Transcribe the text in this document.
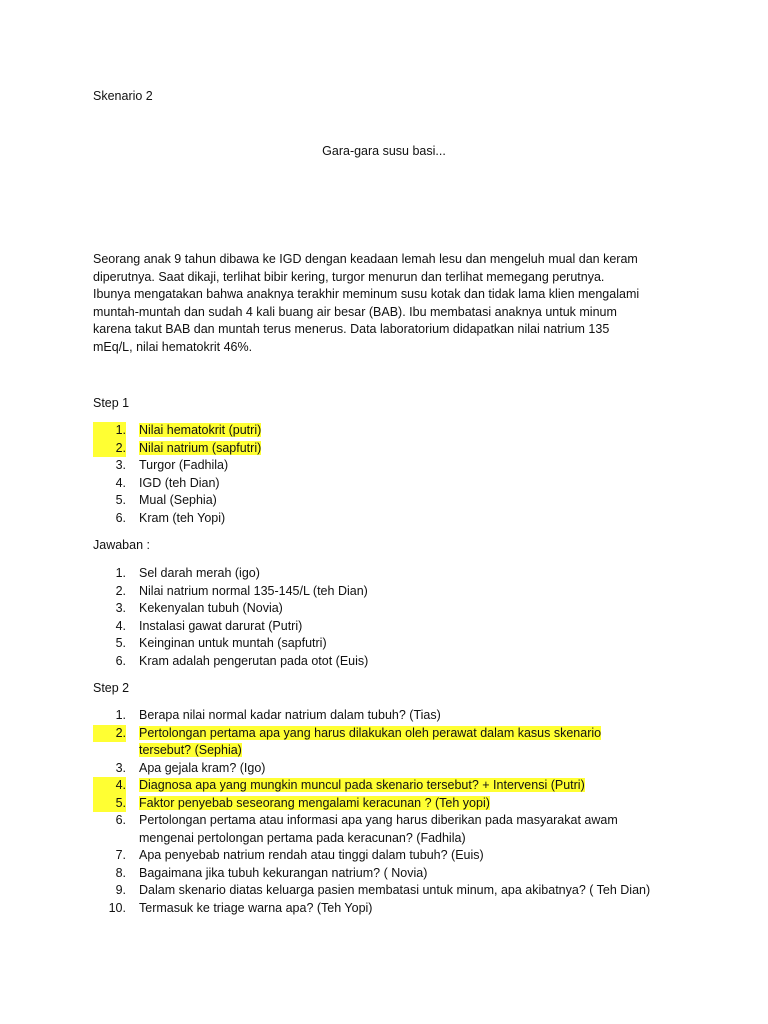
Skenario 2
Gara-gara susu basi...
Seorang anak 9 tahun dibawa ke IGD dengan keadaan lemah lesu dan mengeluh mual dan keram
diperutnya. Saat dikaji, terlihat bibir kering, turgor menurun dan terlihat memegang perutnya.
Ibunya mengatakan bahwa anaknya terakhir meminum susu kotak dan tidak lama klien mengalami
muntah-muntah dan sudah 4 kali buang air besar (BAB). Ibu membatasi anaknya untuk minum
karena takut BAB dan muntah terus menerus. Data laboratorium didapatkan nilai natrium 135
mEq/L, nilai hematokrit 46%.
Step 1
1. Nilai hematokrit (putri)
2. Nilai natrium (sapfutri)
3. Turgor (Fadhila)
4. IGD (teh Dian)
5. Mual (Sephia)
6. Kram (teh Yopi)
Jawaban :
1. Sel darah merah (igo)
2. Nilai natrium normal 135-145/L (teh Dian)
3. Kekenyalan tubuh (Novia)
4. Instalasi gawat darurat (Putri)
5. Keinginan untuk muntah (sapfutri)
6. Kram adalah pengerutan pada otot (Euis)
Step 2
1. Berapa nilai normal kadar natrium dalam tubuh? (Tias)
2. Pertolongan pertama apa yang harus dilakukan oleh perawat dalam kasus skenario
tersebut? (Sephia)
3. Apa gejala kram? (Igo)
4. Diagnosa apa yang mungkin muncul pada skenario tersebut? + Intervensi (Putri)
5. Faktor penyebab seseorang mengalami keracunan ? (Teh yopi)
6. Pertolongan pertama atau informasi apa yang harus diberikan pada masyarakat awam
mengenai pertolongan pertama pada keracunan? (Fadhila)
7. Apa penyebab natrium rendah atau tinggi dalam tubuh? (Euis)
8. Bagaimana jika tubuh kekurangan natrium? ( Novia)
9. Dalam skenario diatas keluarga pasien membatasi untuk minum, apa akibatnya? ( Teh Dian)
10. Termasuk ke triage warna apa? (Teh Yopi)
